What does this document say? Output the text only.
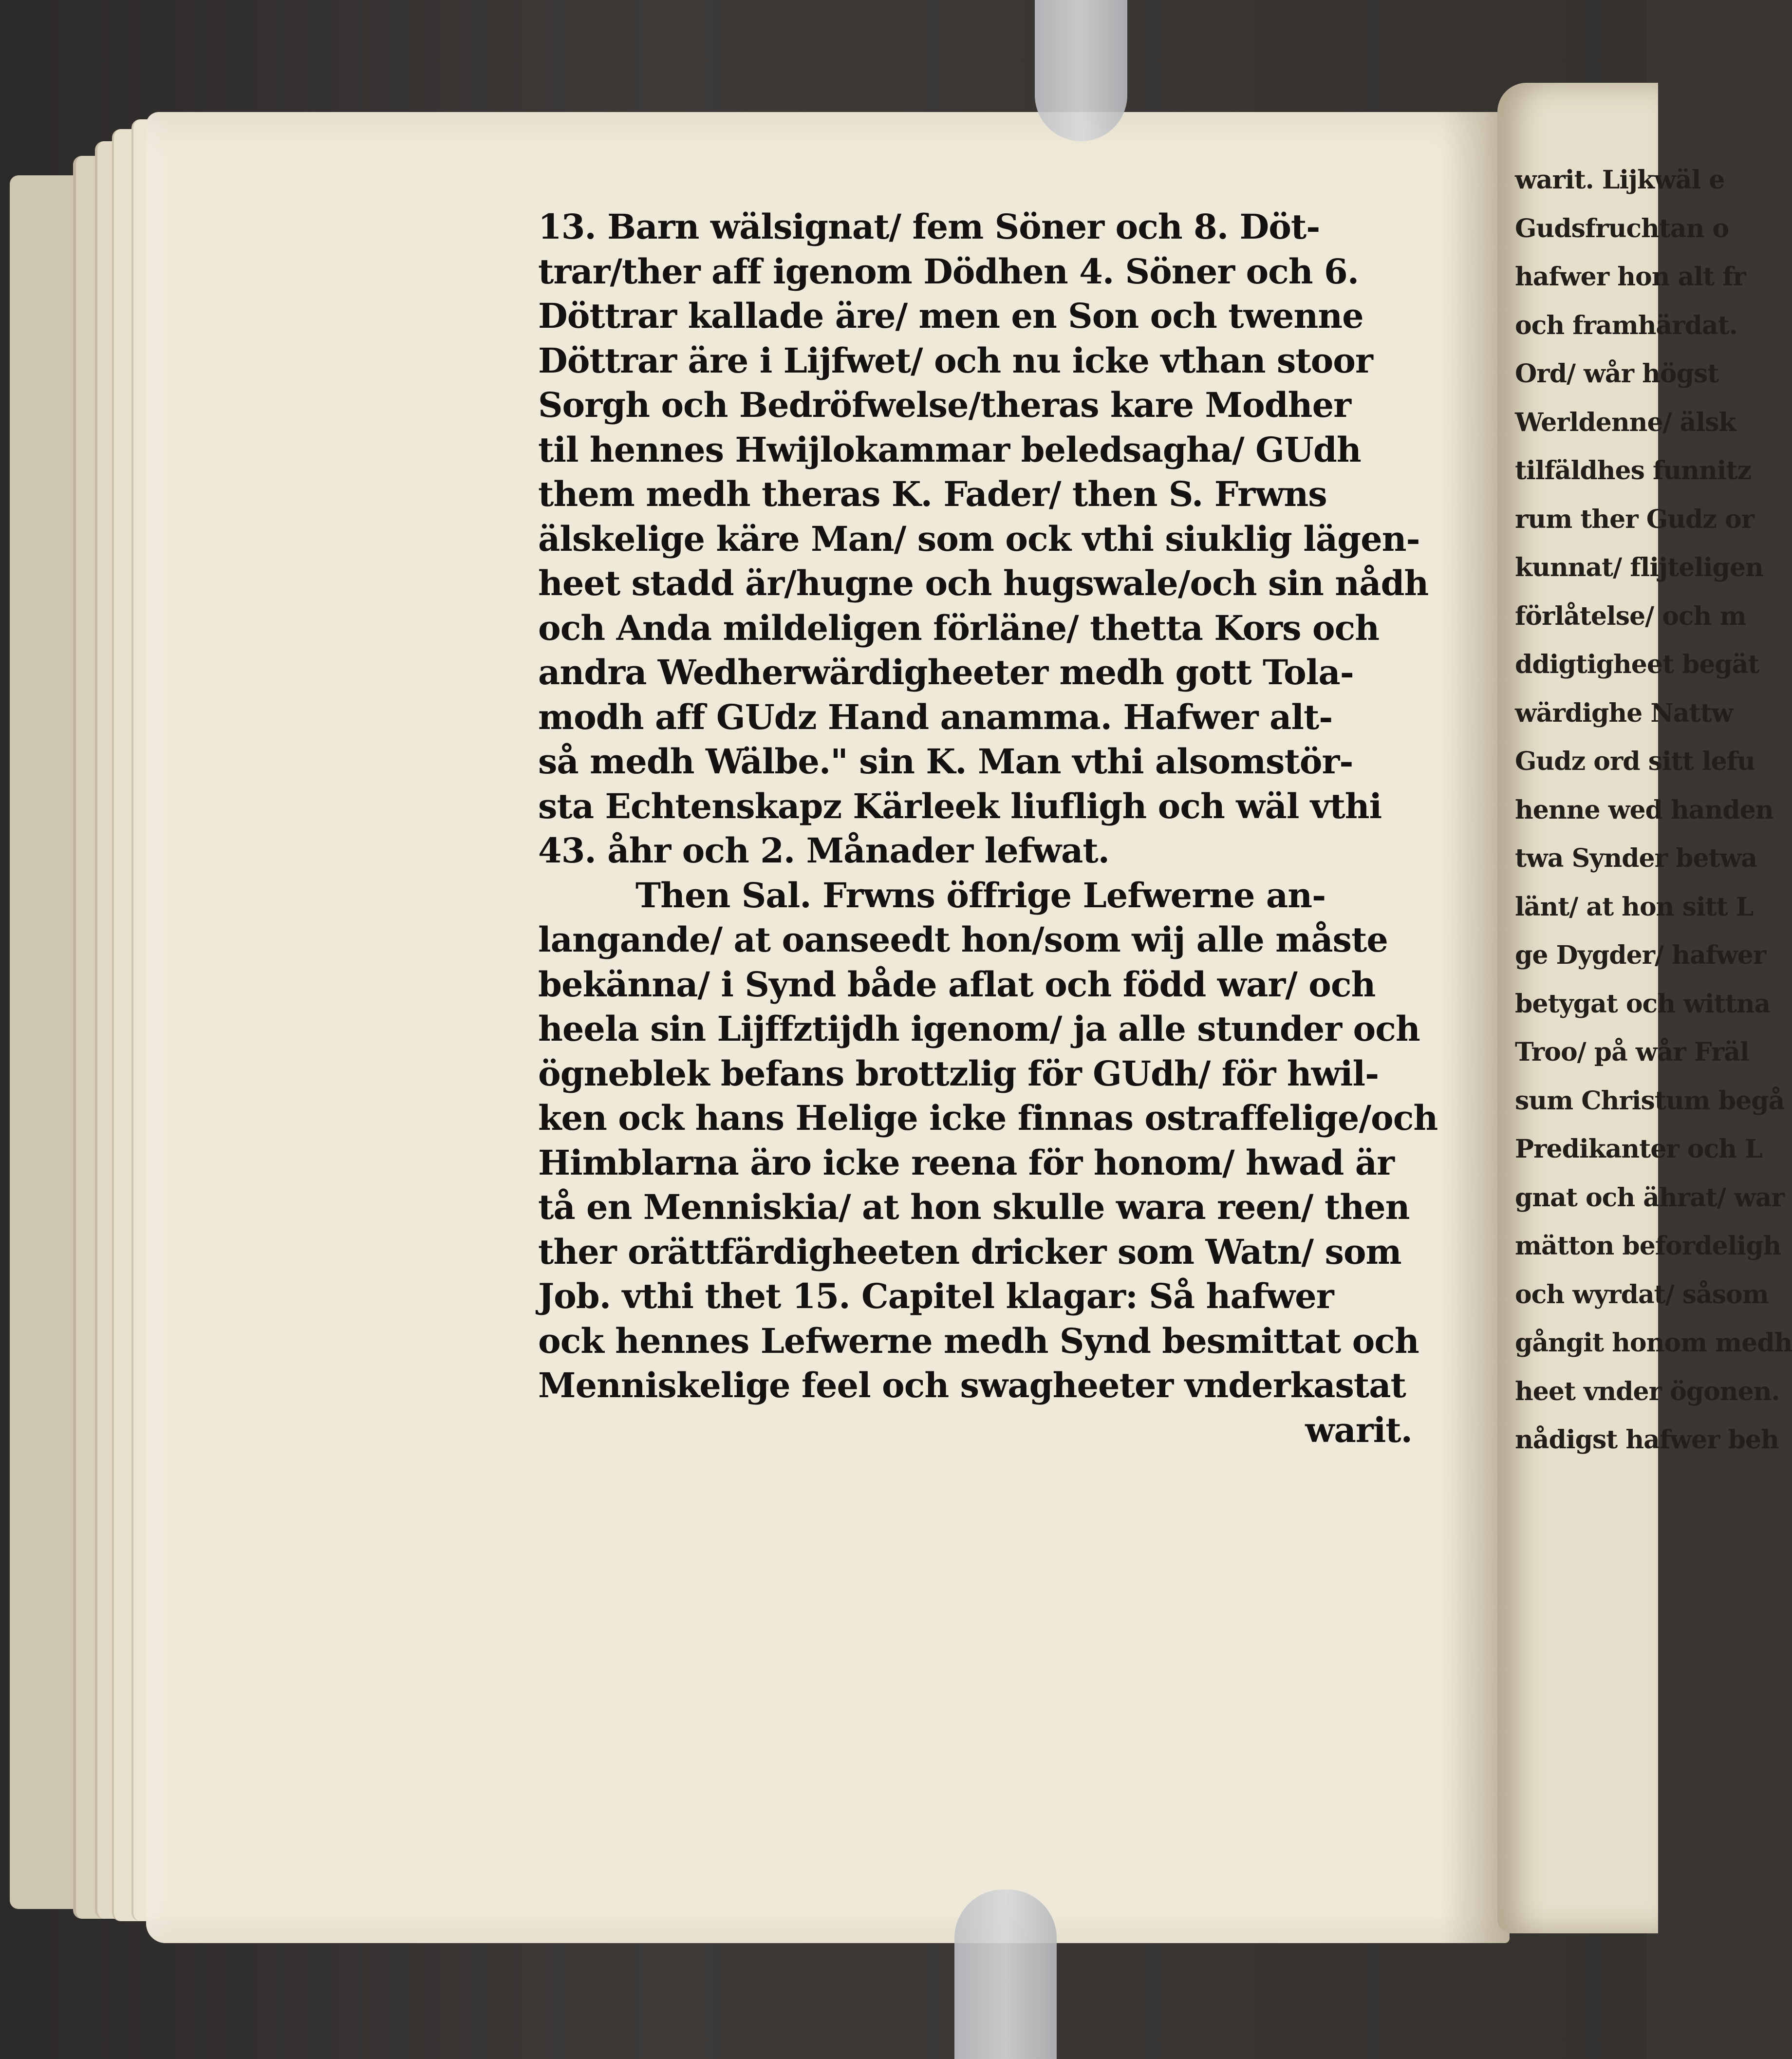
13. Barn wälsignat/ fem Söner och 8. Döt-
trar/ther aff igenom Dödhen 4. Söner och 6.
Döttrar kallade äre/ men en Son och twenne
Döttrar äre i Lijfwet/ och nu icke vthan stoor
Sorgh och Bedröfwelse/theras kare Modher
til hennes Hwijlokammar beledsagha/ GUdh
them medh theras K. Fader/ then S. Frwns
älskelige käre Man/ som ock vthi siuklig lägen-
heet stadd är/hugne och hugswale/och sin nådh
och Anda mildeligen förläne/ thetta Kors och
andra Wedherwärdigheeter medh gott Tola-
modh aff GUdz Hand anamma. Hafwer alt-
så medh Wälbe." sin K. Man vthi alsomstör-
sta Echtenskapz Kärleek liufligh och wäl vthi
43. åhr och 2. Månader lefwat.
Then Sal. Frwns öffrige Lefwerne an-
langande/ at oanseedt hon/som wij alle måste
bekänna/ i Synd både aflat och född war/ och
heela sin Lijffztijdh igenom/ ja alle stunder och
ögneblek befans brottzlig för GUdh/ för hwil-
ken ock hans Helige icke finnas ostraffelige/och
Himblarna äro icke reena för honom/ hwad är
tå en Menniskia/ at hon skulle wara reen/ then
ther orättfärdigheeten dricker som Watn/ som
Job. vthi thet 15. Capitel klagar: Så hafwer
ock hennes Lefwerne medh Synd besmittat och
Menniskelige feel och swagheeter vnderkastat
warit.
warit. Lijkwäl e
Gudsfruchtan o
hafwer hon alt fr
och framhärdat.
Ord/ wår högst
Werldenne/ älsk
tilfäldhes funnitz
rum ther Gudz or
kunnat/ flijteligen
förlåtelse/ och m
ddigtigheet begät
wärdighe Nattw
Gudz ord sitt lefu
henne wed handen
twa Synder betwa
länt/ at hon sitt L
ge Dygder/ hafwer
betygat och wittna
Troo/ på wår Fräl
sum Christum begå
Predikanter och L
gnat och ährat/ war
mätton befordeligh
och wyrdat/ såsom
gångit honom medh
heet vnder ögonen.
nådigst hafwer beh
